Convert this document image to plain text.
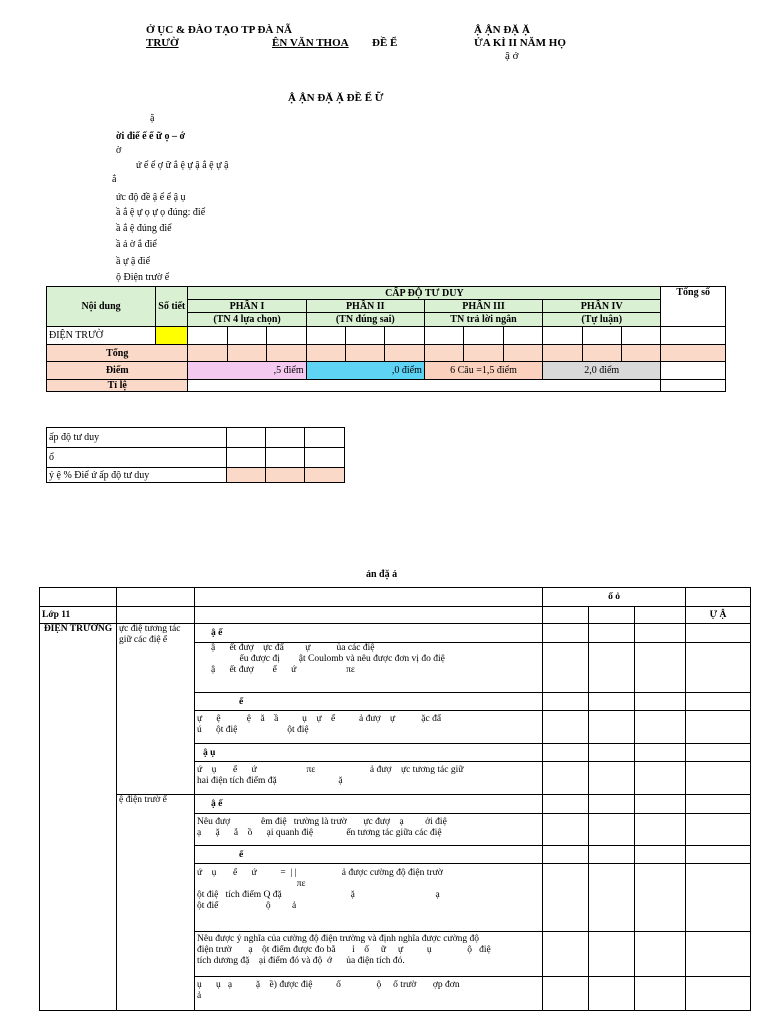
Ở ỤC & ĐÀO TẠO TP ĐÀ NẴ
TRƯỜ	ÊN VĂN THOA ĐỀ Ể
Ậ ẬN ĐẶ Ặ
ỬA KÌ II NĂM HỌ
ậ ớ
Ậ ẬN ĐẶ Ặ ĐỀ Ể Ữ
ặ
ời điể ể ể ữ ọ – ớ
ờ
ứ ể ể ợ ữ ắ ệ ự ậ ắ ệ ự ậ
ắ
ức độ đề ậ ể ể ậ ụ
ầ ắ ệ ự ọ ự ọ đúng: điể
ầ ắ ệ đúng điể
ầ ả ờ ắ điể
ầ ự ậ điể
ộ Điện trườ ể
Nội dung	Số tiết	CẤP ĐỘ TƯ DUY												Tổng số
		PHẦN I			PHẦN II			PHẦN III			PHẦN IV			
		(TN 4 lựa chọn)			(TN đúng sai)			TN trả lời ngắn			(Tự luận)			
ĐIỆN TRƯỜ														
Tổng														
Điểm		,5 điểm			,0 điểm			6 Câu =1,5 điểm			2,0 điểm			
Tỉ lệ														
ấp độ tư duy			
ổ			
ỷ ệ % Điể ứ ấp độ tư duy			
ản đặ ả
			ố ỏ			
Lớp 11						Ự Ậ
ĐIỆN TRƯỜNG	ực điệ tương tác giữ các điệ ể	ậ ế				
		ậ      ết đượ    ực đẩ         ự           ủa các điệ
ểu được đị        ật Coulomb và nêu được đơn vị đo điệ
ậ      ết đượ        ể      ứ                     πε				
		ể				
		ự      ệ           ệ    ă    ầ          ụ    ự    ể          ả đượ    ự           ặc đẩ
ú      ột điệ                     ột điệ				
		ậ ụ				
		ứ    ụ       ể      ứ                     πε                       ả đượ    ực tương tác giữ
hai điện tích điểm đặ                          ặ				
	ệ điện trườ ể	ậ ế				
		Nêu đượ             êm điệ   trường là trườ       ực đượ    ạ         ởi điệ
ạ      ặ      ắ    ồ      ại quanh điệ              ến tương tác giữa các điệ				
		ể				
		ứ    ụ       ể      ứ          =  | |                   ả được cường độ điện trườ
πε
ột điệ   tích điểm Q đặ                             ặ                                  ạ
ột điể                    ộ         ả				
		Nêu được ý nghĩa của cường độ điện trường và định nghĩa được cường độ
điện trườ       ạ    ột điểm được đo bằ       ỉ    ố     ữ     ự          ụ               ộ   điệ
tích dương đặ    ại điểm đó và độ  ớ      ủa điện tích đó.				
		ụ      ụ   ạ          ặ    ề) được điệ          ố               ộ     ố trườ       ợp đơn
ả				
